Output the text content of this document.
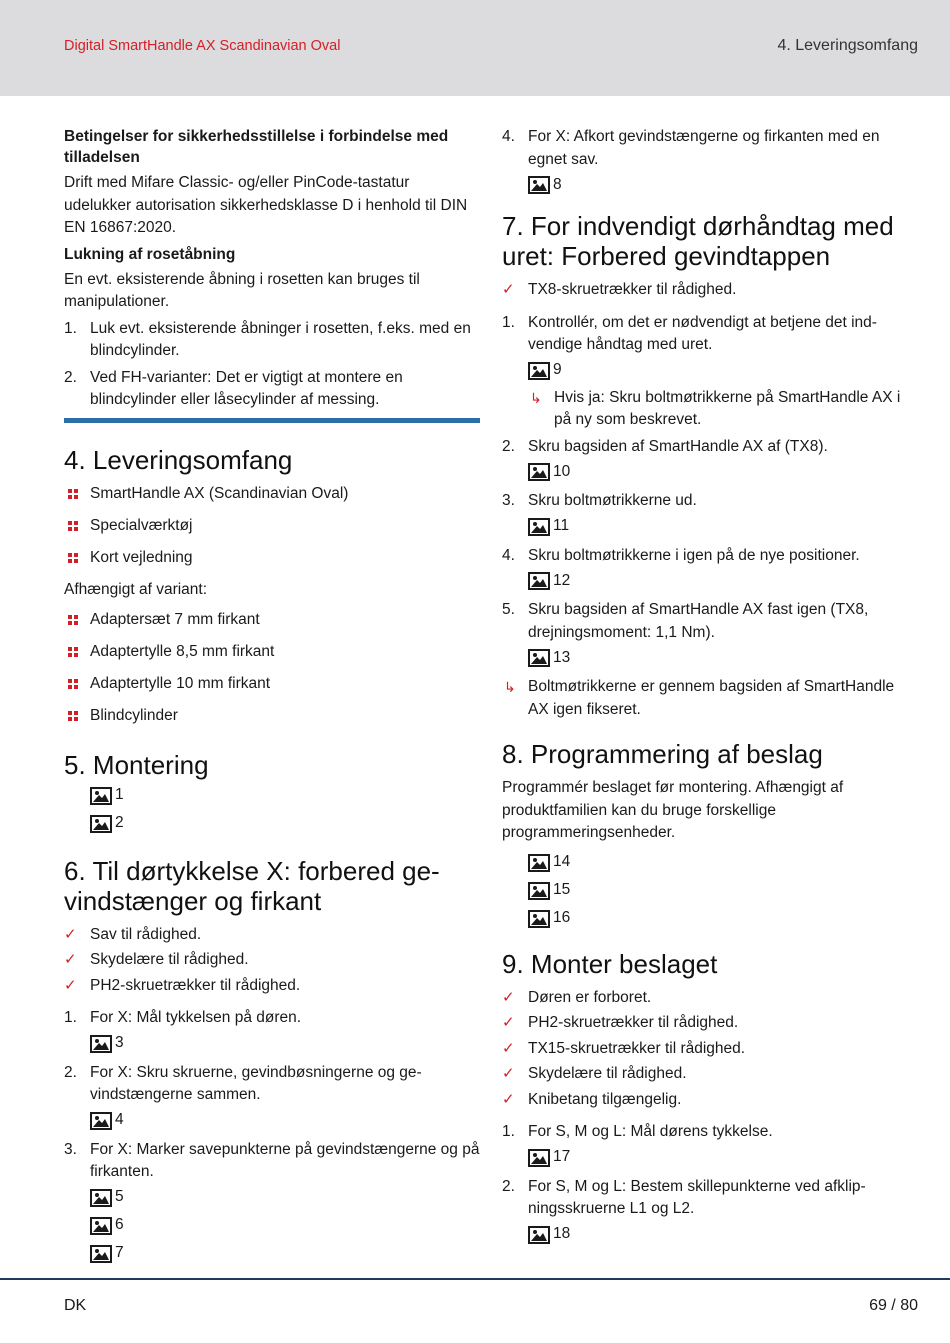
Digital SmartHandle AX Scandinavian Oval	4. Leveringsomfang
Betingelser for sikkerhedsstillelse i forbindelse med tilladelsen

Drift med Mifare Classic- og/eller PinCode-tastatur udelukker autorisation sikkerhedsklasse D i henhold til DIN EN 16867:2020.

Lukning af rosetåbning

En evt. eksisterende åbning i rosetten kan bruges til manipulationer.

1. Luk evt. eksisterende åbninger i rosetten, f.eks. med en blindcylinder.
2. Ved FH-varianter: Det er vigtigt at montere en blindcylinder eller låsecylinder af messing.
4. Leveringsomfang
SmartHandle AX (Scandinavian Oval)
Specialværktøj
Kort vejledning

Afhængigt af variant:

Adaptersæt 7 mm firkant
Adaptertylle 8,5 mm firkant
Adaptertylle 10 mm firkant
Blindcylinder
5. Montering
1
2
6. Til dørtykkelse X: forbered ge-vindstænger og firkant
✓ Sav til rådighed.
✓ Skydelære til rådighed.
✓ PH2-skruetrækker til rådighed.
1. For X: Mål tykkelsen på døren.
3
2. For X: Skru skruerne, gevindbøsningerne og ge-vindstængerne sammen.
4
3. For X: Marker savepunkterne på gevindstængerne og på firkanten.
5
6
7
4. For X: Afkort gevindstængerne og firkanten med en egnet sav.
8
7. For indvendigt dørhåndtag med uret: Forbered gevindtappen
✓ TX8-skruetrækker til rådighed.
1. Kontrollér, om det er nødvendigt at betjene det ind-vendige håndtag med uret.
9
↳ Hvis ja: Skru boltmøtrikkerne på SmartHandle AX i på ny som beskrevet.
2. Skru bagsiden af SmartHandle AX af (TX8).
10
3. Skru boltmøtrikkerne ud.
11
4. Skru boltmøtrikkerne i igen på de nye positioner.
12
5. Skru bagsiden af SmartHandle AX fast igen (TX8, drejningsmoment: 1,1 Nm).
13
↳ Boltmøtrikkerne er gennem bagsiden af SmartHandle AX igen fikseret.
8. Programmering af beslag

Programmér beslaget før montering. Afhængigt af produktfamilien kan du bruge forskellige programmeringsenheder.

14
15
16
9. Monter beslaget
✓ Døren er forboret.
✓ PH2-skruetrækker til rådighed.
✓ TX15-skruetrækker til rådighed.
✓ Skydelære til rådighed.
✓ Knibetang tilgængelig.
1. For S, M og L: Mål dørens tykkelse.
17
2. For S, M og L: Bestem skillepunkterne ved afklip-ningsskruerne L1 og L2.
18
DK	69 / 80
